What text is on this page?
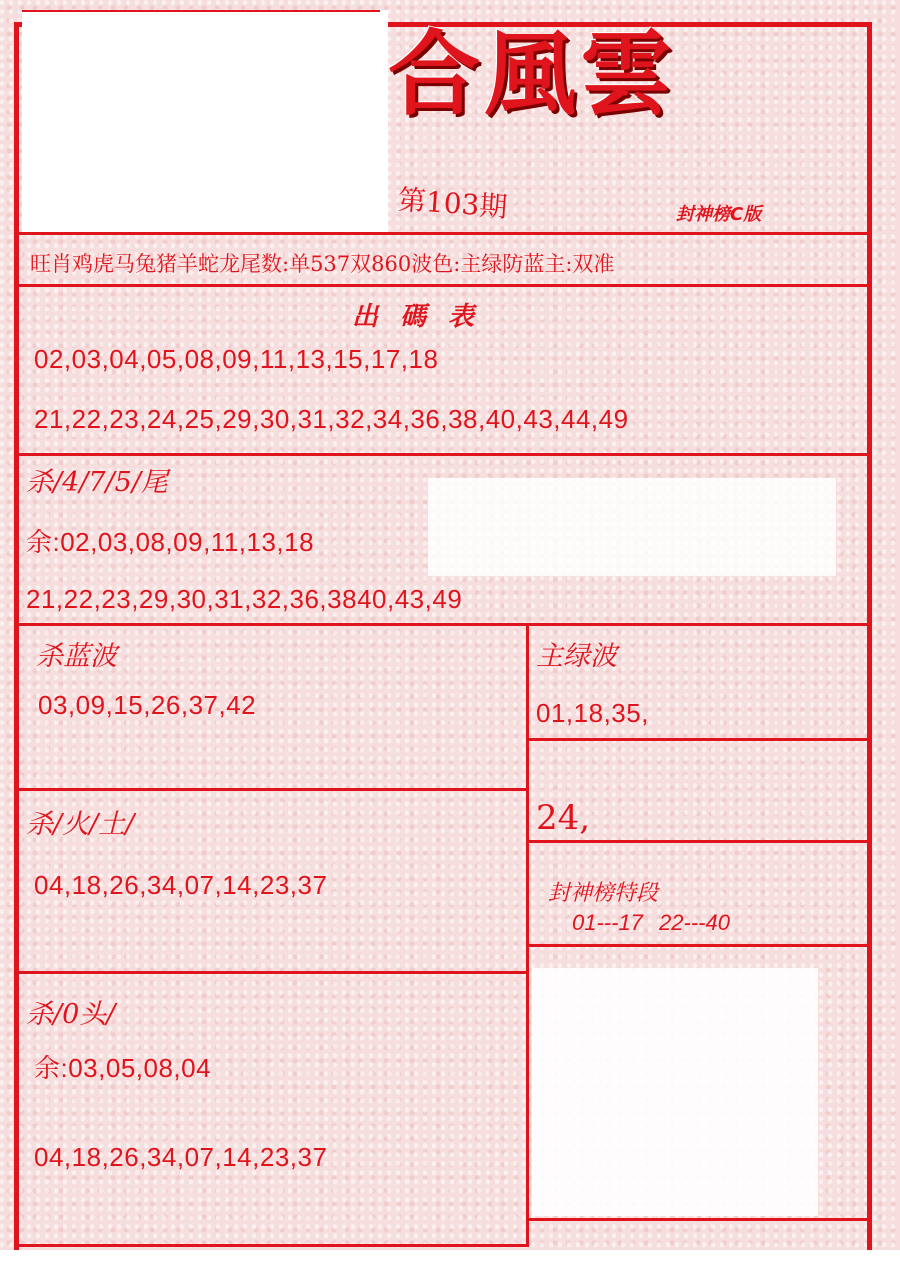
合風雲
第103期	封神榜C版
旺肖鸡虎马兔猪羊蛇龙尾数:单537双860波色:主绿防蓝主:双准
出碼表
02,03,04,05,08,09,11,13,15,17,18
21,22,23,24,25,29,30,31,32,34,36,38,40,43,44,49
杀/4/7/5/尾
余:02,03,08,09,11,13,18
21,22,23,29,30,31,32,36,3840,43,49
杀蓝波
03,09,15,26,37,42
主绿波
01,18,35,
杀/火/土/
04,18,26,34,07,14,23,37
24,
封神榜特段
01---17 22---40
杀/0头/
余:03,05,08,04
04,18,26,34,07,14,23,37
